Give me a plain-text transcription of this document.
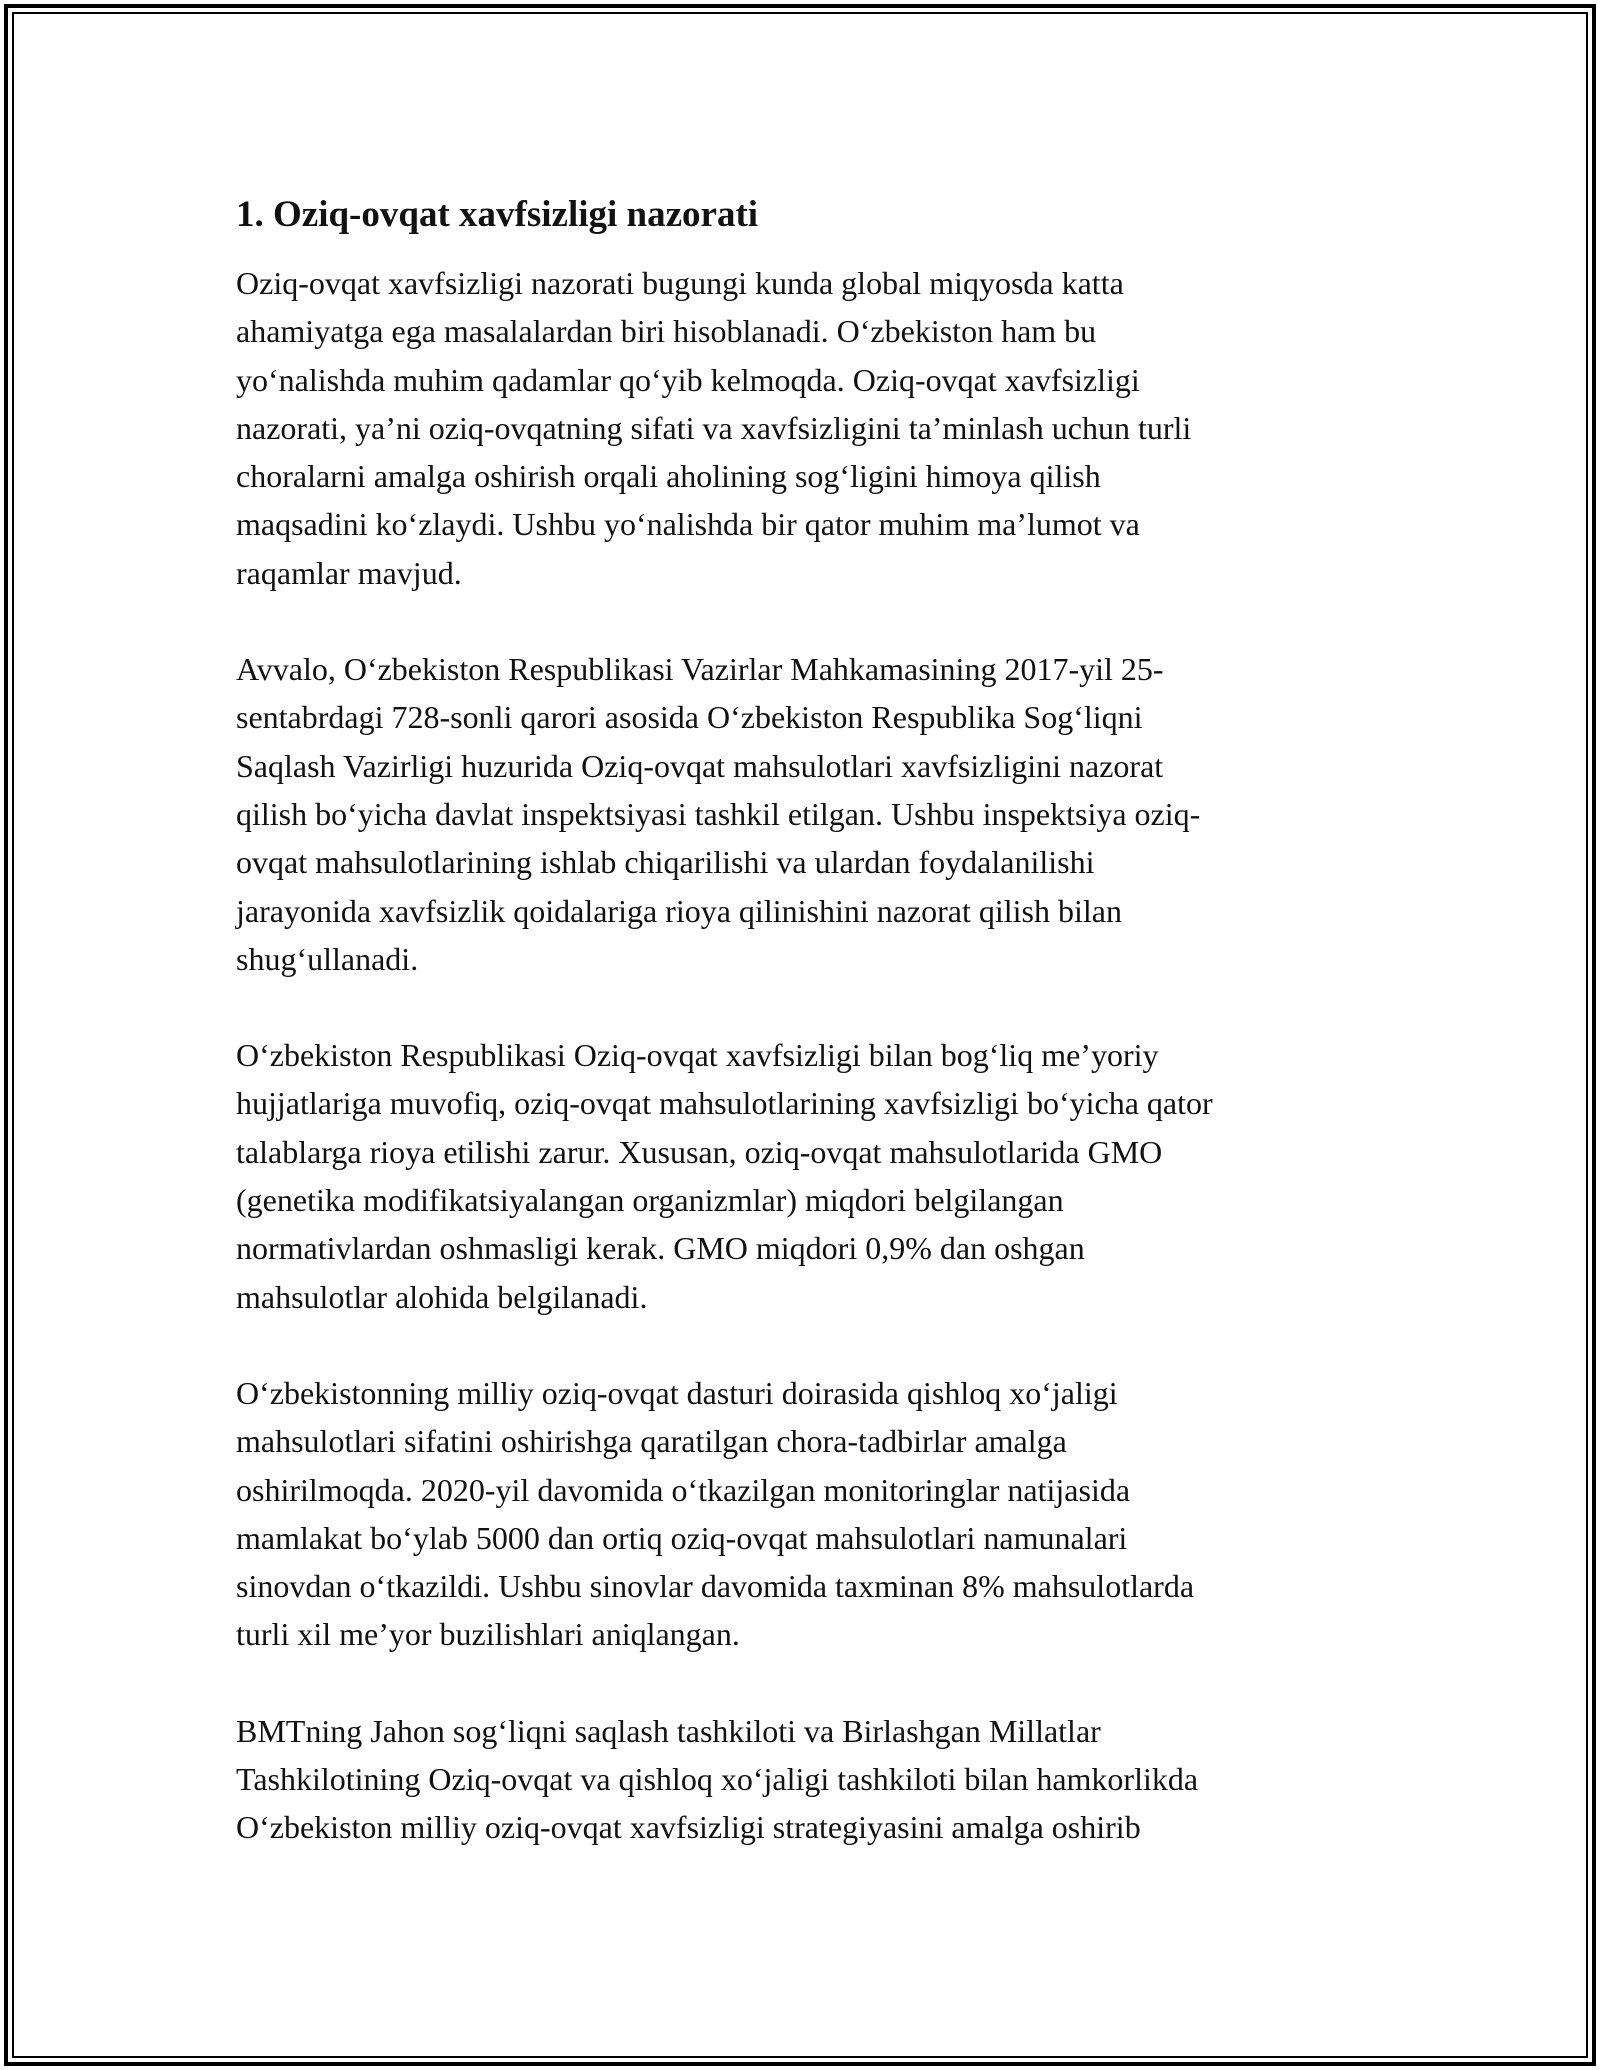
1. Oziq-ovqat xavfsizligi nazorati

Oziq-ovqat xavfsizligi nazorati bugungi kunda global miqyosda katta
ahamiyatga ega masalalardan biri hisoblanadi. O‘zbekiston ham bu
yo‘nalishda muhim qadamlar qo‘yib kelmoqda. Oziq-ovqat xavfsizligi
nazorati, ya’ni oziq-ovqatning sifati va xavfsizligini ta’minlash uchun turli
choralarni amalga oshirish orqali aholining sog‘ligini himoya qilish
maqsadini ko‘zlaydi. Ushbu yo‘nalishda bir qator muhim ma’lumot va
raqamlar mavjud.

Avvalo, O‘zbekiston Respublikasi Vazirlar Mahkamasining 2017-yil 25-
sentabrdagi 728-sonli qarori asosida O‘zbekiston Respublika Sog‘liqni
Saqlash Vazirligi huzurida Oziq-ovqat mahsulotlari xavfsizligini nazorat
qilish bo‘yicha davlat inspektsiyasi tashkil etilgan. Ushbu inspektsiya oziq-
ovqat mahsulotlarining ishlab chiqarilishi va ulardan foydalanilishi
jarayonida xavfsizlik qoidalariga rioya qilinishini nazorat qilish bilan
shug‘ullanadi.

O‘zbekiston Respublikasi Oziq-ovqat xavfsizligi bilan bog‘liq me’yoriy
hujjatlariga muvofiq, oziq-ovqat mahsulotlarining xavfsizligi bo‘yicha qator
talablarga rioya etilishi zarur. Xususan, oziq-ovqat mahsulotlarida GMO
(genetika modifikatsiyalangan organizmlar) miqdori belgilangan
normativlardan oshmasligi kerak. GMO miqdori 0,9% dan oshgan
mahsulotlar alohida belgilanadi.

O‘zbekistonning milliy oziq-ovqat dasturi doirasida qishloq xo‘jaligi
mahsulotlari sifatini oshirishga qaratilgan chora-tadbirlar amalga
oshirilmoqda. 2020-yil davomida o‘tkazilgan monitoringlar natijasida
mamlakat bo‘ylab 5000 dan ortiq oziq-ovqat mahsulotlari namunalari
sinovdan o‘tkazildi. Ushbu sinovlar davomida taxminan 8% mahsulotlarda
turli xil me’yor buzilishlari aniqlangan.

BMTning Jahon sog‘liqni saqlash tashkiloti va Birlashgan Millatlar
Tashkilotining Oziq-ovqat va qishloq xo‘jaligi tashkiloti bilan hamkorlikda
O‘zbekiston milliy oziq-ovqat xavfsizligi strategiyasini amalga oshirib
